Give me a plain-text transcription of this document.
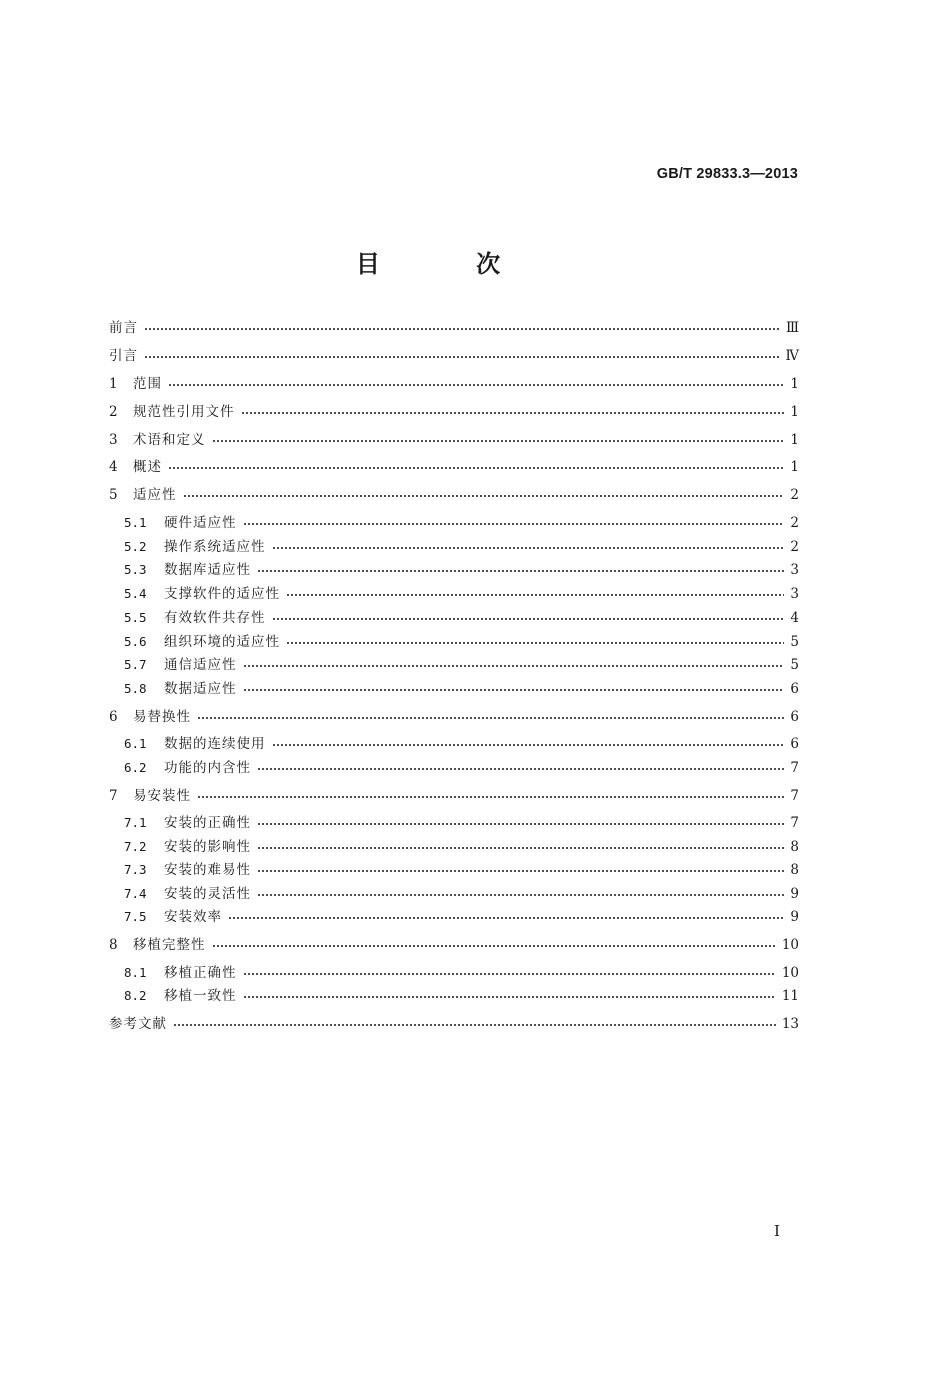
GB/T 29833.3—2013
目 次
前言	Ⅲ
引言	Ⅳ
1	范围	1
2	规范性引用文件	1
3	术语和定义	1
4	概述	1
5	适应性	2
5.1	硬件适应性	2
5.2	操作系统适应性	2
5.3	数据库适应性	3
5.4	支撑软件的适应性	3
5.5	有效软件共存性	4
5.6	组织环境的适应性	5
5.7	通信适应性	5
5.8	数据适应性	6
6	易替换性	6
6.1	数据的连续使用	6
6.2	功能的内含性	7
7	易安装性	7
7.1	安装的正确性	7
7.2	安装的影响性	8
7.3	安装的难易性	8
7.4	安装的灵活性	9
7.5	安装效率	9
8	移植完整性	10
8.1	移植正确性	10
8.2	移植一致性	11
参考文献	13
I
